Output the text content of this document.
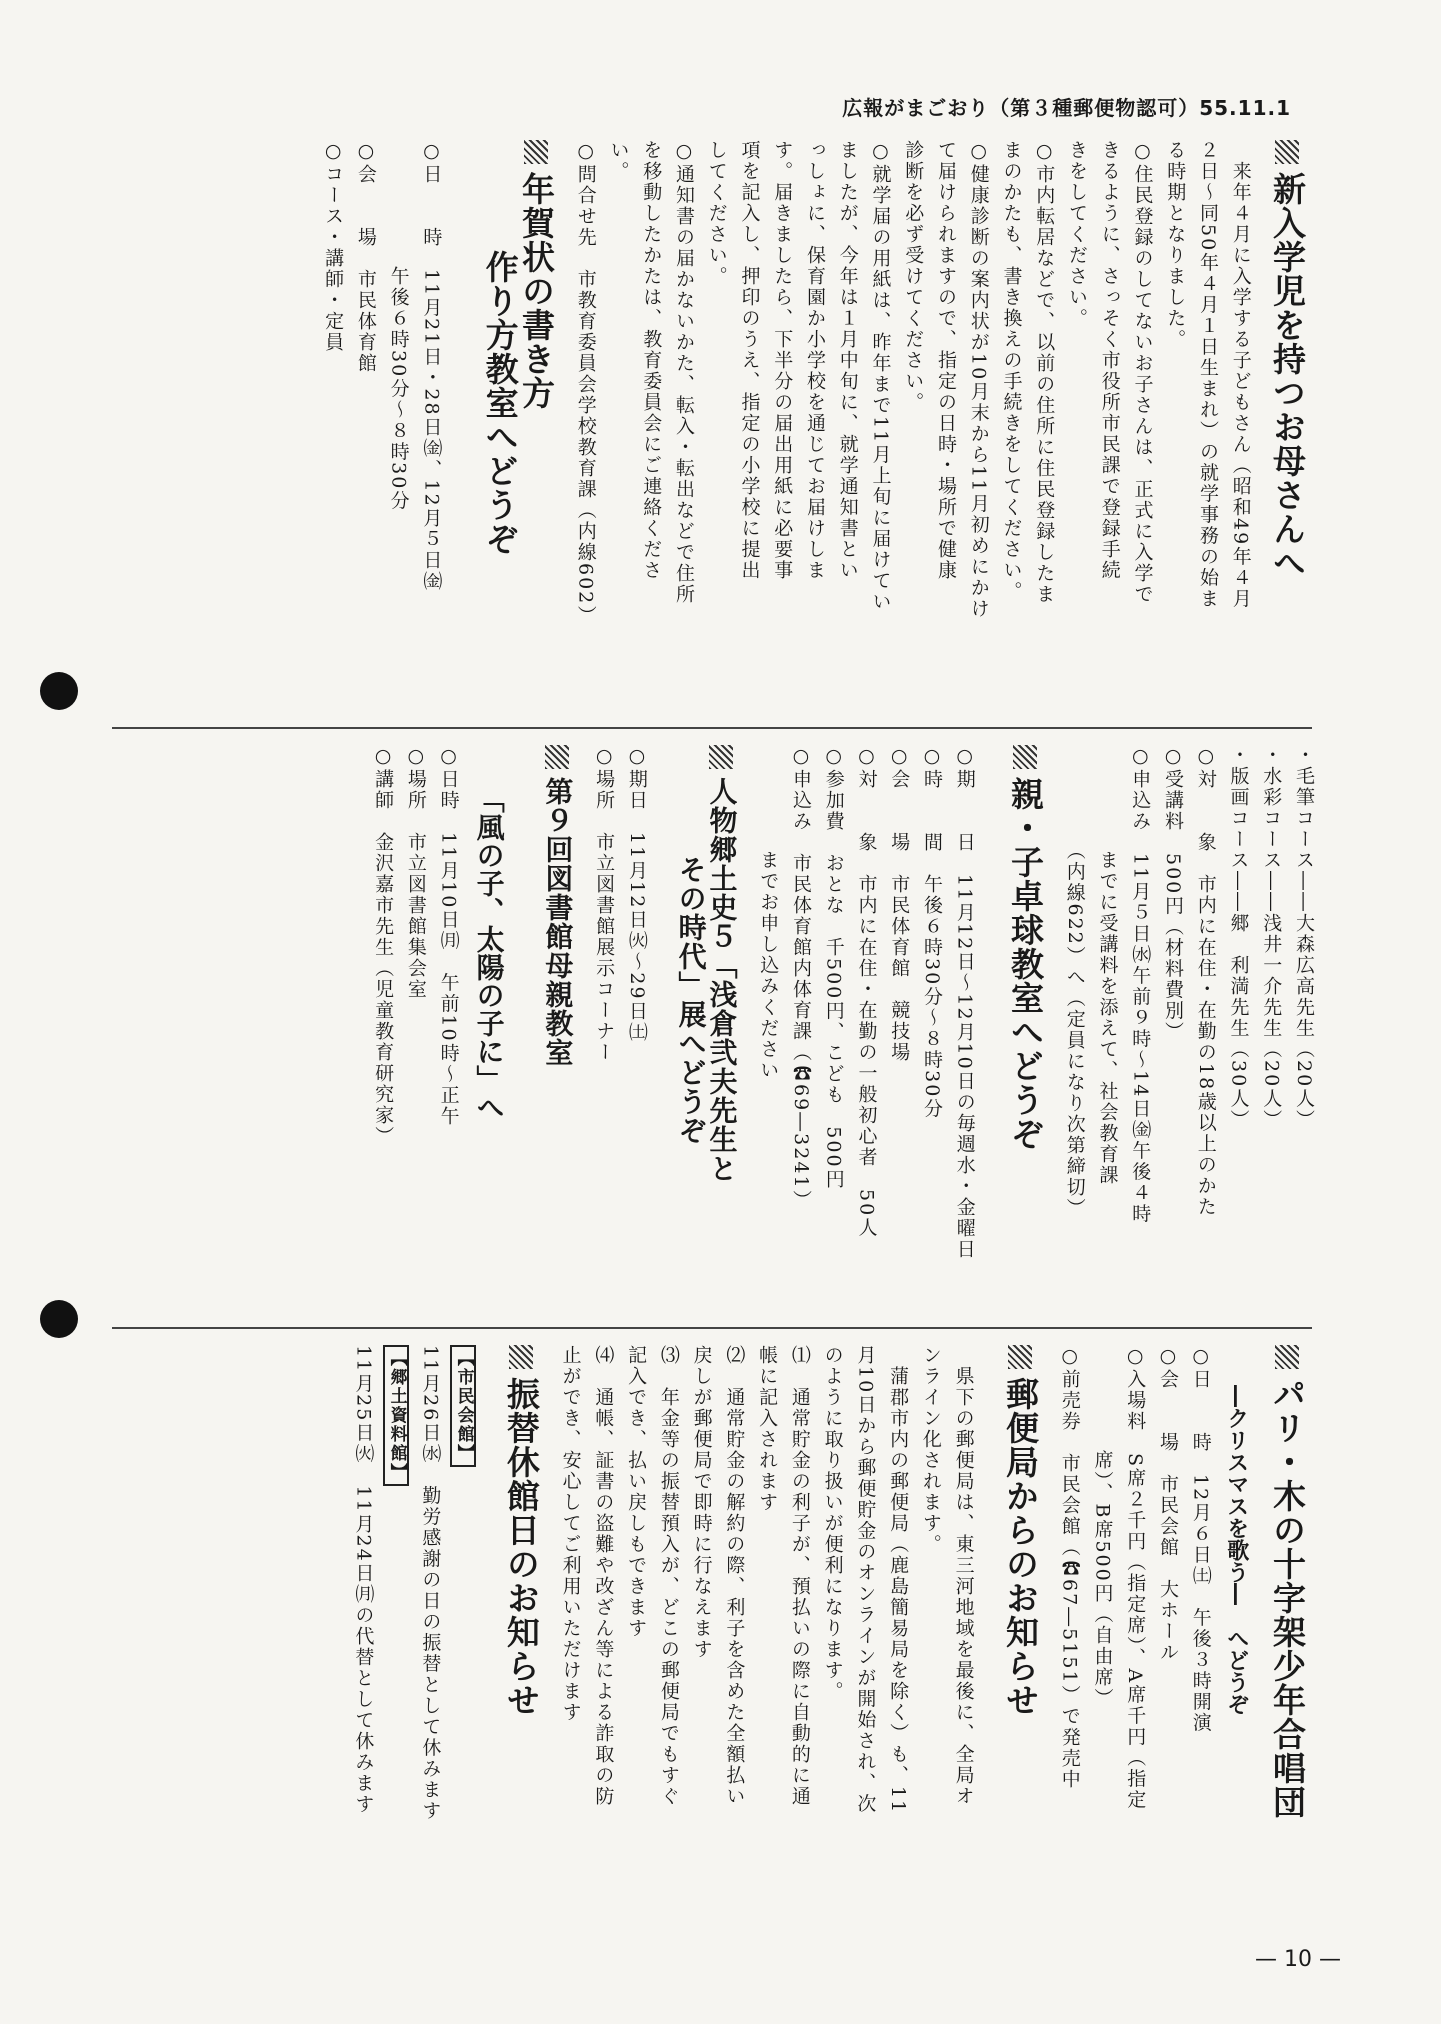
広報がまごおり（第３種郵便物認可）55.11.1
新入学児を持つお母さんへ
　来年４月に入学する子どもさん（昭和49年４月
２日〜同50年４月１日生まれ）の就学事務の始ま
る時期となりました。
○住民登録のしてないお子さんは、正式に入学で
きるように、さっそく市役所市民課で登録手続
きをしてください。
○市内転居などで、以前の住所に住民登録したま
まのかたも、書き換えの手続きをしてください。
○健康診断の案内状が10月末から11月初めにかけ
て届けられますので、指定の日時・場所で健康
診断を必ず受けてください。
○就学届の用紙は、昨年まで11月上旬に届けてい
ましたが、今年は１月中旬に、就学通知書とい
っしょに、保育園か小学校を通じてお届けしま
す。届きましたら、下半分の届出用紙に必要事
項を記入し、押印のうえ、指定の小学校に提出
してください。
○通知書の届かないかた、転入・転出などで住所
を移動したかたは、教育委員会にご連絡くださ
い。
○問合せ先　市教育委員会学校教育課（内線602）
年賀状の書き方
作り方教室へどうぞ
○日　　時　11月21日・28日㈮、12月５日㈮
　　　　　　午後６時30分〜８時30分
○会　　場　市民体育館
○コース・講師・定員
・毛筆コース――大森広高先生（20人）
・水彩コース――浅井一介先生（20人）
・版画コース――郷　利満先生（30人）
○対　　象　市内に在住・在勤の18歳以上のかた
○受講料　500円（材料費別）
○申込み　11月５日㈬午前９時〜14日㈮午後４時
　　　　　までに受講料を添えて、社会教育課
　　　　　（内線622）へ（定員になり次第締切）
親・子卓球教室へどうぞ
○期　　日　11月12日〜12月10日の毎週水・金曜日
○時　　間　午後６時30分〜８時30分
○会　　場　市民体育館　競技場
○対　　象　市内に在住・在勤の一般初心者　50人
○参加費　おとな　千500円、こども　500円
○申込み　市民体育館内体育課（☎69―3241）
　　　　　までお申し込みください
人物郷土史５「浅倉弐夫先生と
その時代」展へどうぞ
○期日　11月12日㈫〜29日㈯
○場所　市立図書館展示コーナー
第９回図書館母親教室
「風の子、太陽の子に」へ
○日時　11月10日㈪　午前10時〜正午
○場所　市立図書館集会室
○講師　金沢嘉市先生（児童教育研究家）
パリ・木の十字架少年合唱団
―クリスマスを歌う―　へどうぞ
○日　　時　12月６日㈯　午後３時開演
○会　　場　市民会館　大ホール
○入場料　S席２千円（指定席）、A席千円（指定
　　　　　席）、B席500円（自由席）
○前売券　市民会館（☎67―5151）で発売中
郵便局からのお知らせ
　県下の郵便局は、東三河地域を最後に、全局オ
ンライン化されます。
　蒲郡市内の郵便局（鹿島簡易局を除く）も、11
月10日から郵便貯金のオンラインが開始され、次
のように取り扱いが便利になります。
⑴　通常貯金の利子が、預払いの際に自動的に通
帳に記入されます
⑵　通常貯金の解約の際、利子を含めた全額払い
戻しが郵便局で即時に行なえます
⑶　年金等の振替預入が、どこの郵便局でもすぐ
記入でき、払い戻しもできます
⑷　通帳、証書の盗難や改ざん等による詐取の防
止ができ、安心してご利用いただけます
振替休館日のお知らせ
【市民会館】
11月26日㈬　勤労感謝の日の振替として休みます
【郷土資料館】
11月25日㈫　11月24日㈪の代替として休みます
— 10 —
